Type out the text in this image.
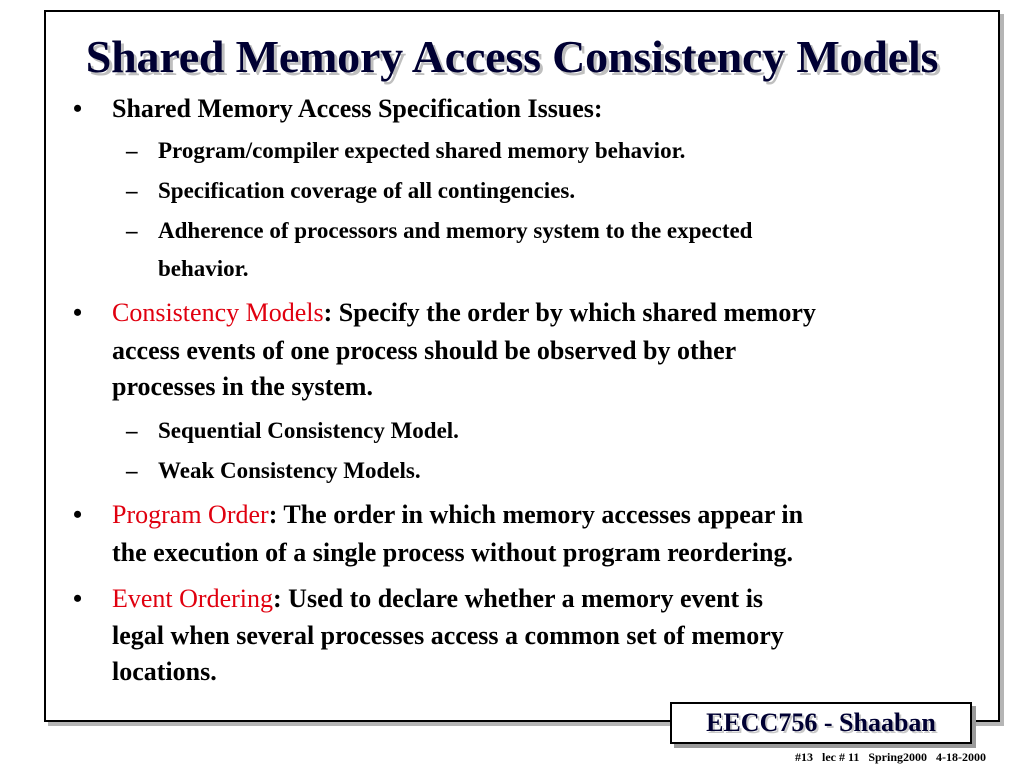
Shared Memory Access Consistency Models
• Shared Memory Access Specification Issues:
– Program/compiler expected shared memory behavior.
– Specification coverage of all contingencies.
– Adherence of processors and memory system to the expected
behavior.
• Consistency Models: Specify the order by which shared memory
access events of one process should be observed by other
processes in the system.
– Sequential Consistency Model.
– Weak Consistency Models.
• Program Order: The order in which memory accesses appear in
the execution of a single process without program reordering.
• Event Ordering: Used to declare whether a memory event is
legal when several processes access a common set of memory
locations.
EECC756 - Shaaban
#13   lec # 11   Spring2000   4-18-2000
